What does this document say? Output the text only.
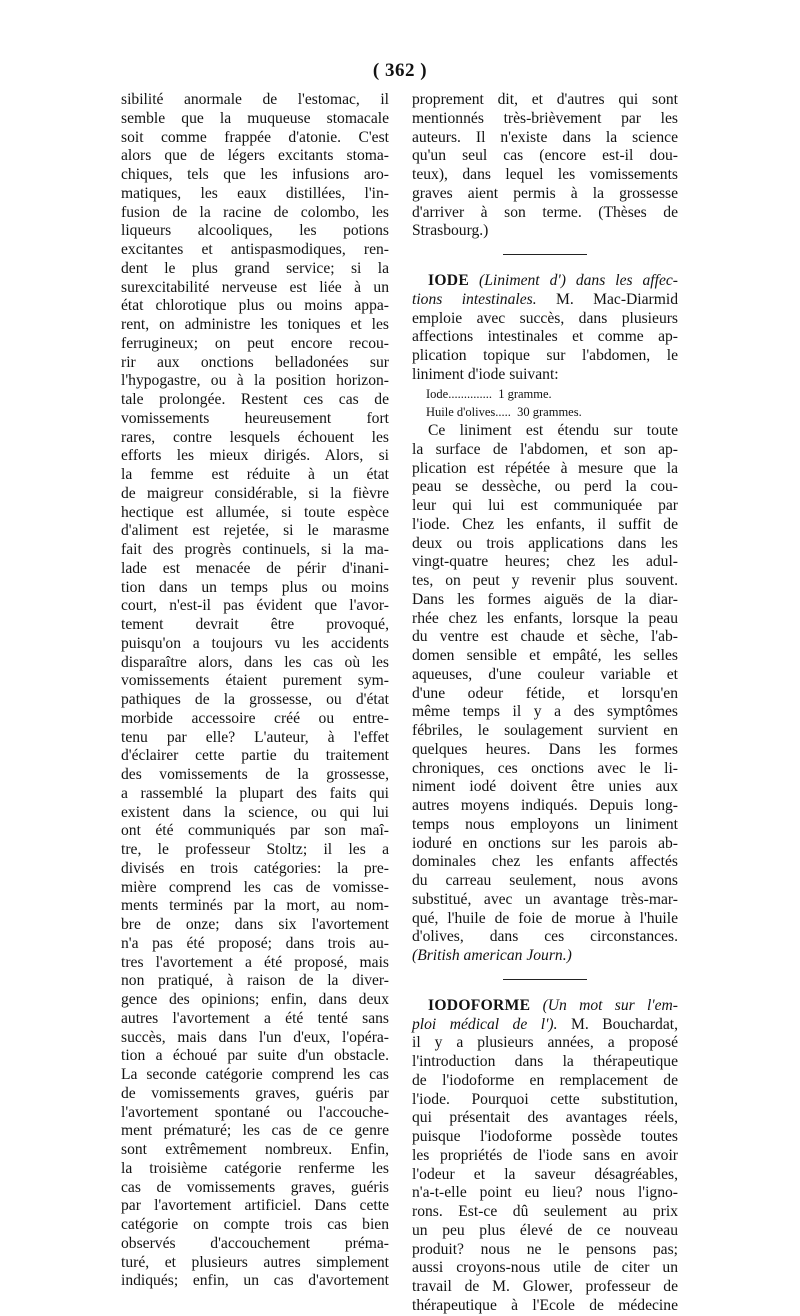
( 362 )
sibilité anormale de l'estomac, il
semble que la muqueuse stomacale
soit comme frappée d'atonie. C'est
alors que de légers excitants stoma-
chiques, tels que les infusions aro-
matiques, les eaux distillées, l'in-
fusion de la racine de colombo, les
liqueurs alcooliques, les potions
excitantes et antispasmodiques, ren-
dent le plus grand service; si la
surexcitabilité nerveuse est liée à un
état chlorotique plus ou moins appa-
rent, on administre les toniques et les
ferrugineux; on peut encore recou-
rir aux onctions belladonées sur
l'hypogastre, ou à la position horizon-
tale prolongée. Restent ces cas de
vomissements heureusement fort
rares, contre lesquels échouent les
efforts les mieux dirigés. Alors, si
la femme est réduite à un état
de maigreur considérable, si la fièvre
hectique est allumée, si toute espèce
d'aliment est rejetée, si le marasme
fait des progrès continuels, si la ma-
lade est menacée de périr d'inani-
tion dans un temps plus ou moins
court, n'est-il pas évident que l'avor-
tement devrait être provoqué,
puisqu'on a toujours vu les accidents
disparaître alors, dans les cas où les
vomissements étaient purement sym-
pathiques de la grossesse, ou d'état
morbide accessoire créé ou entre-
tenu par elle? L'auteur, à l'effet
d'éclairer cette partie du traitement
des vomissements de la grossesse,
a rassemblé la plupart des faits qui
existent dans la science, ou qui lui
ont été communiqués par son maî-
tre, le professeur Stoltz; il les a
divisés en trois catégories: la pre-
mière comprend les cas de vomisse-
ments terminés par la mort, au nom-
bre de onze; dans six l'avortement
n'a pas été proposé; dans trois au-
tres l'avortement a été proposé, mais
non pratiqué, à raison de la diver-
gence des opinions; enfin, dans deux
autres l'avortement a été tenté sans
succès, mais dans l'un d'eux, l'opéra-
tion a échoué par suite d'un obstacle.
La seconde catégorie comprend les cas
de vomissements graves, guéris par
l'avortement spontané ou l'accouche-
ment prématuré; les cas de ce genre
sont extrêmement nombreux. Enfin,
la troisième catégorie renferme les
cas de vomissements graves, guéris
par l'avortement artificiel. Dans cette
catégorie on compte trois cas bien
observés d'accouchement préma-
turé, et plusieurs autres simplement
indiqués; enfin, un cas d'avortement
proprement dit, et d'autres qui sont
mentionnés très-brièvement par les
auteurs. Il n'existe dans la science
qu'un seul cas (encore est-il dou-
teux), dans lequel les vomissements
graves aient permis à la grossesse
d'arriver à son terme. (Thèses de
Strasbourg.)
IODE (Liniment d') dans les affec-
tions intestinales. M. Mac-Diarmid
emploie avec succès, dans plusieurs
affections intestinales et comme ap-
plication topique sur l'abdomen, le
liniment d'iode suivant:
Iode.............. 1 gramme.
Huile d'olives..... 30 grammes.
Ce liniment est étendu sur toute
la surface de l'abdomen, et son ap-
plication est répétée à mesure que la
peau se dessèche, ou perd la cou-
leur qui lui est communiquée par
l'iode. Chez les enfants, il suffit de
deux ou trois applications dans les
vingt-quatre heures; chez les adul-
tes, on peut y revenir plus souvent.
Dans les formes aiguës de la diar-
rhée chez les enfants, lorsque la peau
du ventre est chaude et sèche, l'ab-
domen sensible et empâté, les selles
aqueuses, d'une couleur variable et
d'une odeur fétide, et lorsqu'en
même temps il y a des symptômes
fébriles, le soulagement survient en
quelques heures. Dans les formes
chroniques, ces onctions avec le li-
niment iodé doivent être unies aux
autres moyens indiqués. Depuis long-
temps nous employons un liniment
ioduré en onctions sur les parois ab-
dominales chez les enfants affectés
du carreau seulement, nous avons
substitué, avec un avantage très-mar-
qué, l'huile de foie de morue à l'huile
d'olives, dans ces circonstances.
(British american Journ.)
IODOFORME (Un mot sur l'em-
ploi médical de l'). M. Bouchardat,
il y a plusieurs années, a proposé
l'introduction dans la thérapeutique
de l'iodoforme en remplacement de
l'iode. Pourquoi cette substitution,
qui présentait des avantages réels,
puisque l'iodoforme possède toutes
les propriétés de l'iode sans en avoir
l'odeur et la saveur désagréables,
n'a-t-elle point eu lieu? nous l'igno-
rons. Est-ce dû seulement au prix
un peu plus élevé de ce nouveau
produit? nous ne le pensons pas;
aussi croyons-nous utile de citer un
travail de M. Glower, professeur de
thérapeutique à l'Ecole de médecine
